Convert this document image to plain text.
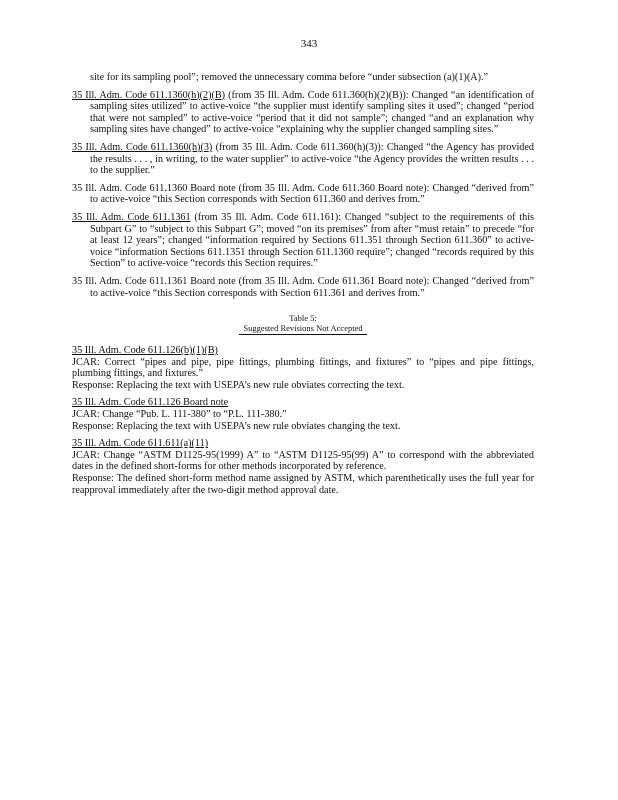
343

site for its sampling pool”; removed the unnecessary comma before “under subsection (a)(1)(A).”

35 Ill. Adm. Code 611.1360(h)(2)(B) (from 35 Ill. Adm. Code 611.360(h)(2)(B)): Changed “an identification of sampling sites utilized” to active-voice “the supplier must identify sampling sites it used”; changed “period that were not sampled” to active-voice “period that it did not sample”; changed “and an explanation why sampling sites have changed” to active-voice “explaining why the supplier changed sampling sites.”

35 Ill. Adm. Code 611.1360(h)(3) (from 35 Ill. Adm. Code 611.360(h)(3)): Changed “the Agency has provided the results . . . , in writing, to the water supplier” to active-voice “the Agency provides the written results . . . to the supplier.”

35 Ill. Adm. Code 611.1360 Board note (from 35 Ill. Adm. Code 611.360 Board note): Changed “derived from” to active-voice “this Section corresponds with Section 611.360 and derives from.”

35 Ill. Adm. Code 611.1361 (from 35 Ill. Adm. Code 611.161): Changed “subject to the requirements of this Subpart G” to “subject to this Subpart G”; moved “on its premises” from after “must retain” to precede “for at least 12 years”; changed “information required by Sections 611.351 through Section 611.360” to active-voice “information Sections 611.1351 through Section 611.1360 require”; changed “records required by this Section” to active-voice “records this Section requires.”

35 Ill. Adm. Code 611.1361 Board note (from 35 Ill. Adm. Code 611.361 Board note): Changed “derived from” to active-voice “this Section corresponds with Section 611.361 and derives from.”

Table 5:
Suggested Revisions Not Accepted

35 Ill. Adm. Code 611.126(b)(1)(B)

JCAR: Correct “pipes and pipe, pipe fittings, plumbing fittings, and fixtures” to “pipes and pipe fittings, plumbing fittings, and fixtures.”

Response: Replacing the text with USEPA’s new rule obviates correcting the text.

35 Ill. Adm. Code 611.126 Board note

JCAR: Change “Pub. L. 111-380” to “P.L. 111-380.”

Response: Replacing the text with USEPA’s new rule obviates changing the text.

35 Ill. Adm. Code 611.611(a)(11)

JCAR: Change “ASTM D1125-95(1999) A” to “ASTM D1125-95(99) A” to correspond with the abbreviated dates in the defined short-forms for other methods incorporated by reference.

Response: The defined short-form method name assigned by ASTM, which parenthetically uses the full year for reapproval immediately after the two-digit method approval date.
